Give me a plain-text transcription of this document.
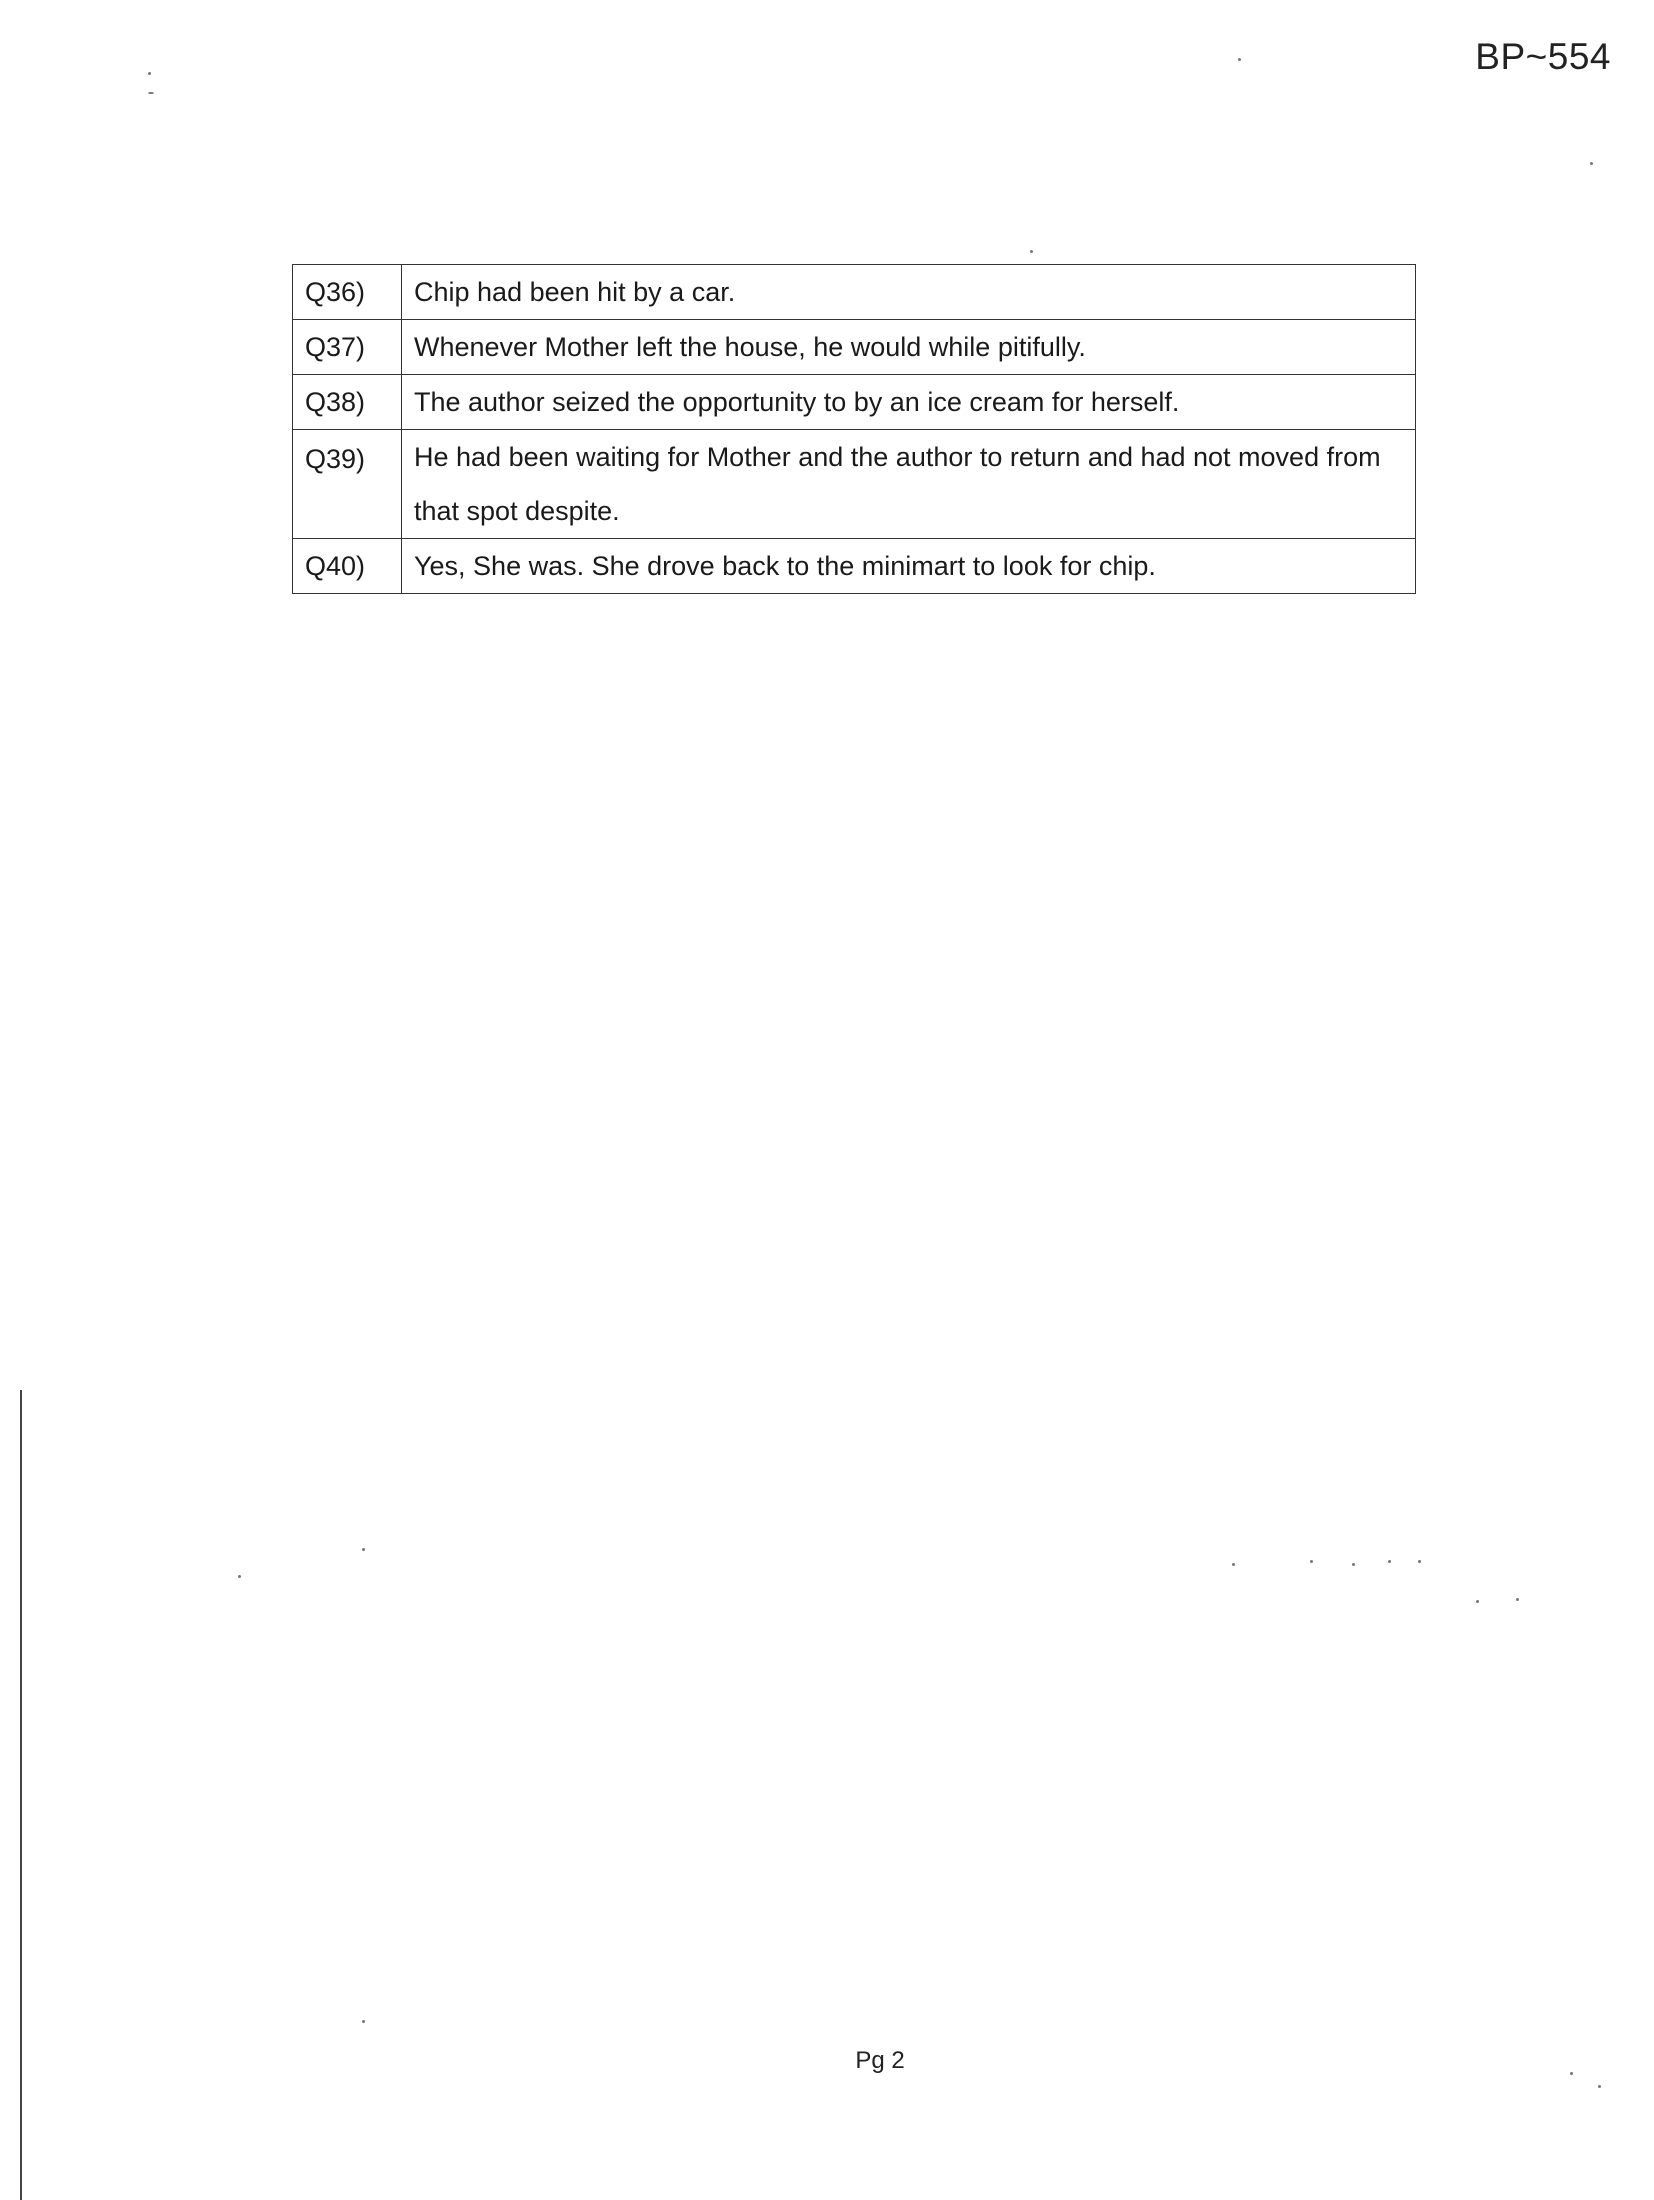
BP~554
Q36)	Chip had been hit by a car.
Q37)	Whenever Mother left the house, he would while pitifully.
Q38)	The author seized the opportunity to by an ice cream for herself.
Q39)	He had been waiting for Mother and the author to return and had not moved from that spot despite.
Q40)	Yes, She was. She drove back to the minimart to look for chip.
Pg 2
